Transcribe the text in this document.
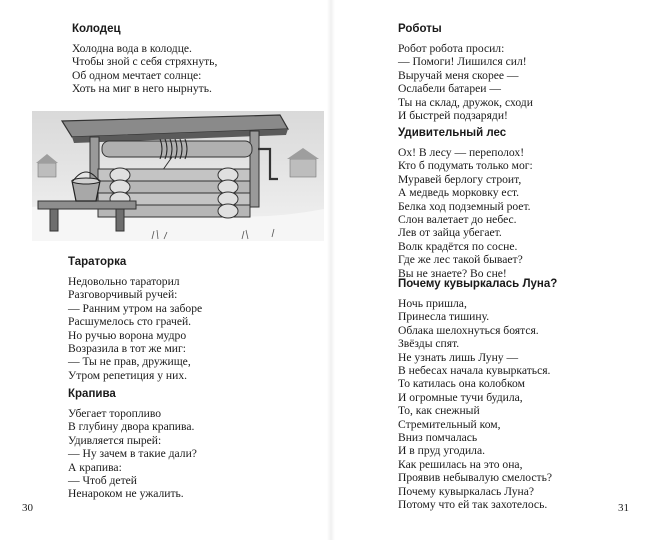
Колодец
Холодна вода в колодце.
Чтобы зной с себя стряхнуть,
Об одном мечтает солнце:
Хоть на миг в него нырнуть.
Тараторка
Недовольно тараторил
Разговорчивый ручей:
— Ранним утром на заборе
Расшумелось сто грачей.
Но ручью ворона мудро
Возразила в тот же миг:
— Ты не прав, дружище,
Утром репетиция у них.
Крапива
Убегает торопливо
В глубину двора крапива.
Удивляется пырей:
— Ну зачем в такие дали?
А крапива:
— Чтоб детей
Ненароком не ужалить.
30
Роботы
Робот робота просил:
— Помоги! Лишился сил!
Выручай меня скорее —
Ослабели батареи —
Ты на склад, дружок, сходи
И быстрей подзаряди!
Удивительный лес
Ох! В лесу — переполох!
Кто б подумать только мог:
Муравей берлогу строит,
А медведь морковку ест.
Белка ход подземный роет.
Слон валетает до небес.
Лев от зайца убегает.
Волк крадётся по сосне.
Где же лес такой бывает?
Вы не знаете? Во сне!
Почему кувыркалась Луна?
Ночь пришла,
Принесла тишину.
Облака шелохнуться боятся.
Звёзды спят.
Не узнать лишь Луну —
В небесах начала кувыркаться.
То катилась она колобком
И огромные тучи будила,
То, как снежный
Стремительный ком,
Вниз помчалась
И в пруд угодила.
Как решилась на это она,
Проявив небывалую смелость?
Почему кувыркалась Луна?
Потому что ей так захотелось.	31
